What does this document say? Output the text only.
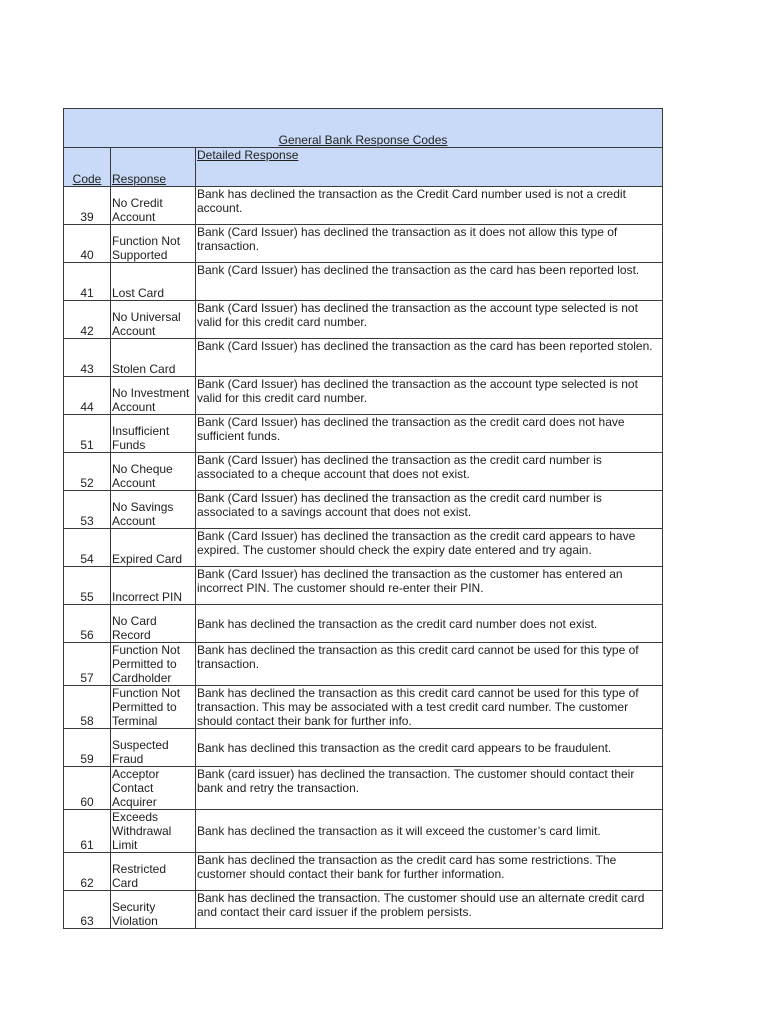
General Bank Response Codes		
Code	Response	Detailed Response
39	No Credit Account	Bank has declined the transaction as the Credit Card number used is not a credit account.
40	Function Not Supported	Bank (Card Issuer) has declined the transaction as it does not allow this type of transaction.
41	Lost Card	Bank (Card Issuer) has declined the transaction as the card has been reported lost.
42	No Universal Account	Bank (Card Issuer) has declined the transaction as the account type selected is not valid for this credit card number.
43	Stolen Card	Bank (Card Issuer) has declined the transaction as the card has been reported stolen.
44	No Investment Account	Bank (Card Issuer) has declined the transaction as the account type selected is not valid for this credit card number.
51	Insufficient Funds	Bank (Card Issuer) has declined the transaction as the credit card does not have sufficient funds.
52	No Cheque Account	Bank (Card Issuer) has declined the transaction as the credit card number is associated to a cheque account that does not exist.
53	No Savings Account	Bank (Card Issuer) has declined the transaction as the credit card number is associated to a savings account that does not exist.
54	Expired Card	Bank (Card Issuer) has declined the transaction as the credit card appears to have expired. The customer should check the expiry date entered and try again.
55	Incorrect PIN	Bank (Card Issuer) has declined the transaction as the customer has entered an incorrect PIN. The customer should re-enter their PIN.
56	No Card Record	Bank has declined the transaction as the credit card number does not exist.
57	Function Not Permitted to Cardholder	Bank has declined the transaction as this credit card cannot be used for this type of transaction.
58	Function Not Permitted to Terminal	Bank has declined the transaction as this credit card cannot be used for this type of transaction. This may be associated with a test credit card number. The customer should contact their bank for further info.
59	Suspected Fraud	Bank has declined this transaction as the credit card appears to be fraudulent.
60	Acceptor Contact Acquirer	Bank (card issuer) has declined the transaction. The customer should contact their bank and retry the transaction.
61	Exceeds Withdrawal Limit	Bank has declined the transaction as it will exceed the customer’s card limit.
62	Restricted Card	Bank has declined the transaction as the credit card has some restrictions. The customer should contact their bank for further information.
63	Security Violation	Bank has declined the transaction. The customer should use an alternate credit card and contact their card issuer if the problem persists.
